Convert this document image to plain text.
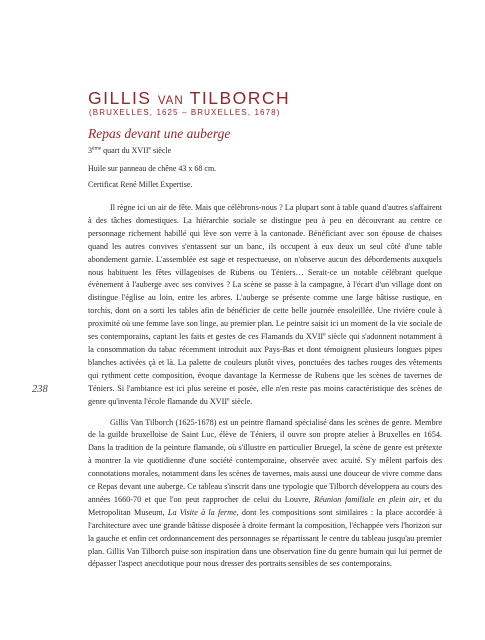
GILLIS VAN TILBORCH

(BRUXELLES, 1625 – BRUXELLES, 1678)

Repas devant une auberge

3ème quart du XVIIe siècle

Huile sur panneau de chêne 43 x 68 cm.

Certificat René Millet Expertise.

238

Il règne ici un air de fête. Mais que célèbrons-nous ? La plupart sont à table quand d'autres s'affairent à des tâches domestiques. La hiérarchie sociale se distingue peu à peu en découvrant au centre ce personnage richement habillé qui lève son verre à la cantonade. Bénéficiant avec son épouse de chaises quand les autres convives s'entassent sur un banc, ils occupent à eux deux un seul côté d'une table abondement garnie. L'assemblée est sage et respectueuse, on n'observe aucun des débordements auxquels nous habituent les fêtes villageoises de Rubens ou Téniers… Serait-ce un notable célébrant quelque évènement à l'auberge avec ses convives ? La scène se passe à la campagne, à l'écart d'un village dont on distingue l'église au loin, entre les arbres. L'auberge se présente comme une large bâtisse rustique, en torchis, dont on a sorti les tables afin de bénéficier de cette belle journée ensoleillée. Une rivière coule à proximité où une femme lave son linge, au premier plan. Le peintre saisit ici un moment de la vie sociale de ses contemporains, captant les faits et gestes de ces Flamands du XVIIe siècle qui s'adonnent notamment à la consommation du tabac récemment introduit aux Pays-Bas et dont témoignent plusieurs longues pipes blanches activées çà et là. La palette de couleurs plutôt vives, ponctuées des taches rouges des vêtements qui rythment cette composition, évoque davantage la Kermesse de Rubens que les scènes de tavernes de Téniers. Si l'ambiance est ici plus sereine et posée, elle n'en reste pas moins caractéristique des scènes de genre qu'inventa l'école flamande du XVIIe siècle.

Gillis Van Tilborch (1625-1678) est un peintre flamand spécialisé dans les scènes de genre. Membre de la guilde bruxelloise de Saint Luc, élève de Téniers, il ouvre son propre atelier à Bruxelles en 1654. Dans la tradition de la peinture flamande, où s'illustre en particulier Bruegel, la scène de genre est prétexte à montrer la vie quotidienne d'une société contemporaine, observée avec acuité. S'y mêlent parfois des connotations morales, notamment dans les scènes de tavernes, mais aussi une douceur de vivre comme dans ce Repas devant une auberge. Ce tableau s'inscrit dans une typologie que Tilborch développera au cours des années 1660-70 et que l'on peut rapprocher de celui du Louvre, Réunion familiale en plein air, et du Metropolitan Museum, La Visite à la ferme, dont les compositions sont similaires : la place accordée à l'architecture avec une grande bâtisse disposée à droite fermant la composition, l'échappée vers l'horizon sur la gauche et enfin cet ordonnancement des personnages se répartissant le centre du tableau jusqu'au premier plan. Gillis Van Tilborch puise son inspiration dans une observation fine du genre humain qui lui permet de dépasser l'aspect anecdotique pour nous dresser des portraits sensibles de ses contemporains.
